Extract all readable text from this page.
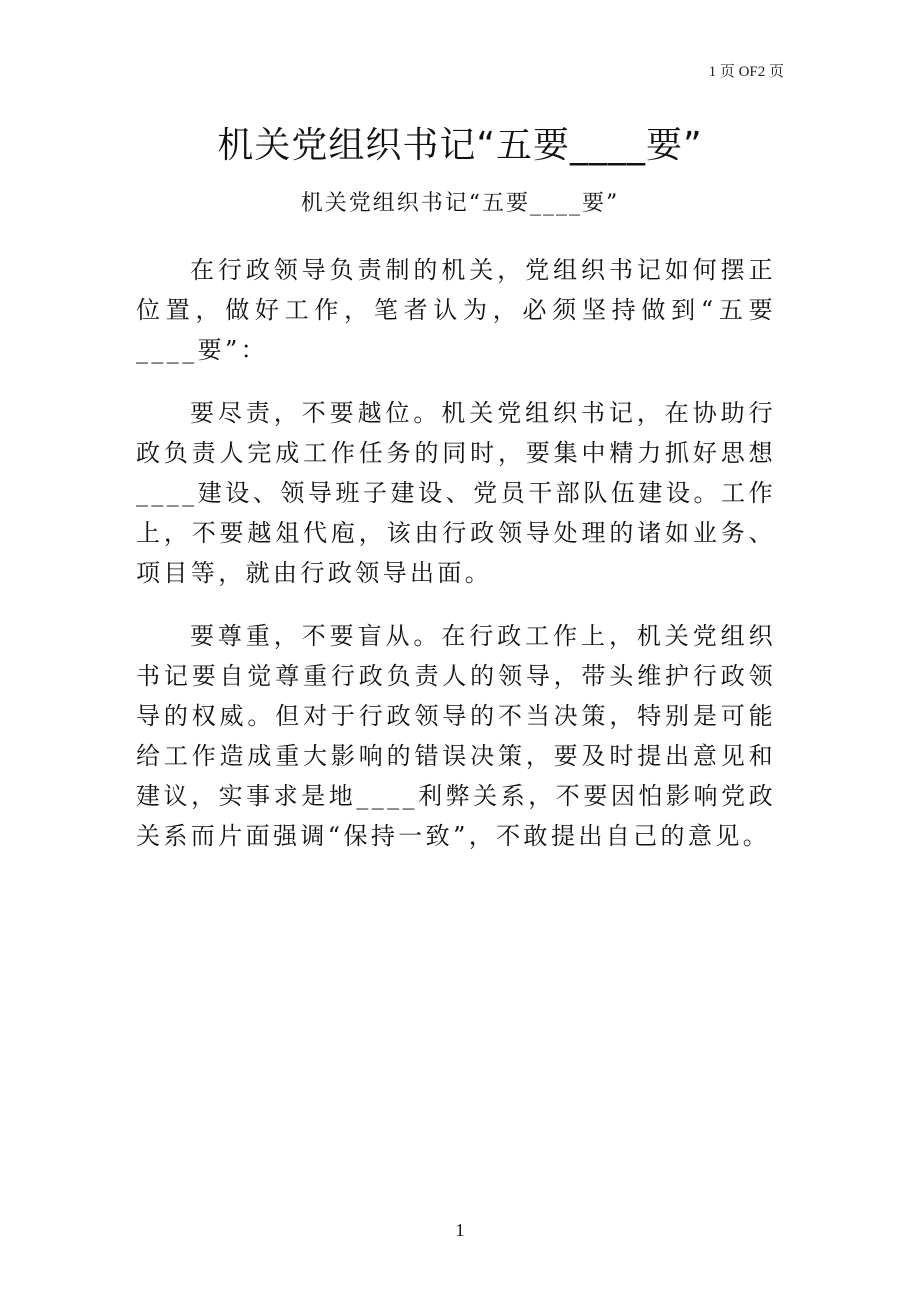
1 页 OF2 页
机关党组织书记“五要____要”
机关党组织书记“五要____要”

在行政领导负责制的机关，党组织书记如何摆正位置，做好工作，笔者认为，必须坚持做到“五要____要”：

要尽责，不要越位。机关党组织书记，在协助行政负责人完成工作任务的同时，要集中精力抓好思想____建设、领导班子建设、党员干部队伍建设。工作上，不要越俎代庖，该由行政领导处理的诸如业务、项目等，就由行政领导出面。

要尊重，不要盲从。在行政工作上，机关党组织书记要自觉尊重行政负责人的领导，带头维护行政领导的权威。但对于行政领导的不当决策，特别是可能给工作造成重大影响的错误决策，要及时提出意见和建议，实事求是地____利弊关系，不要因怕影响党政关系而片面强调“保持一致”，不敢提出自己的意见。

1
